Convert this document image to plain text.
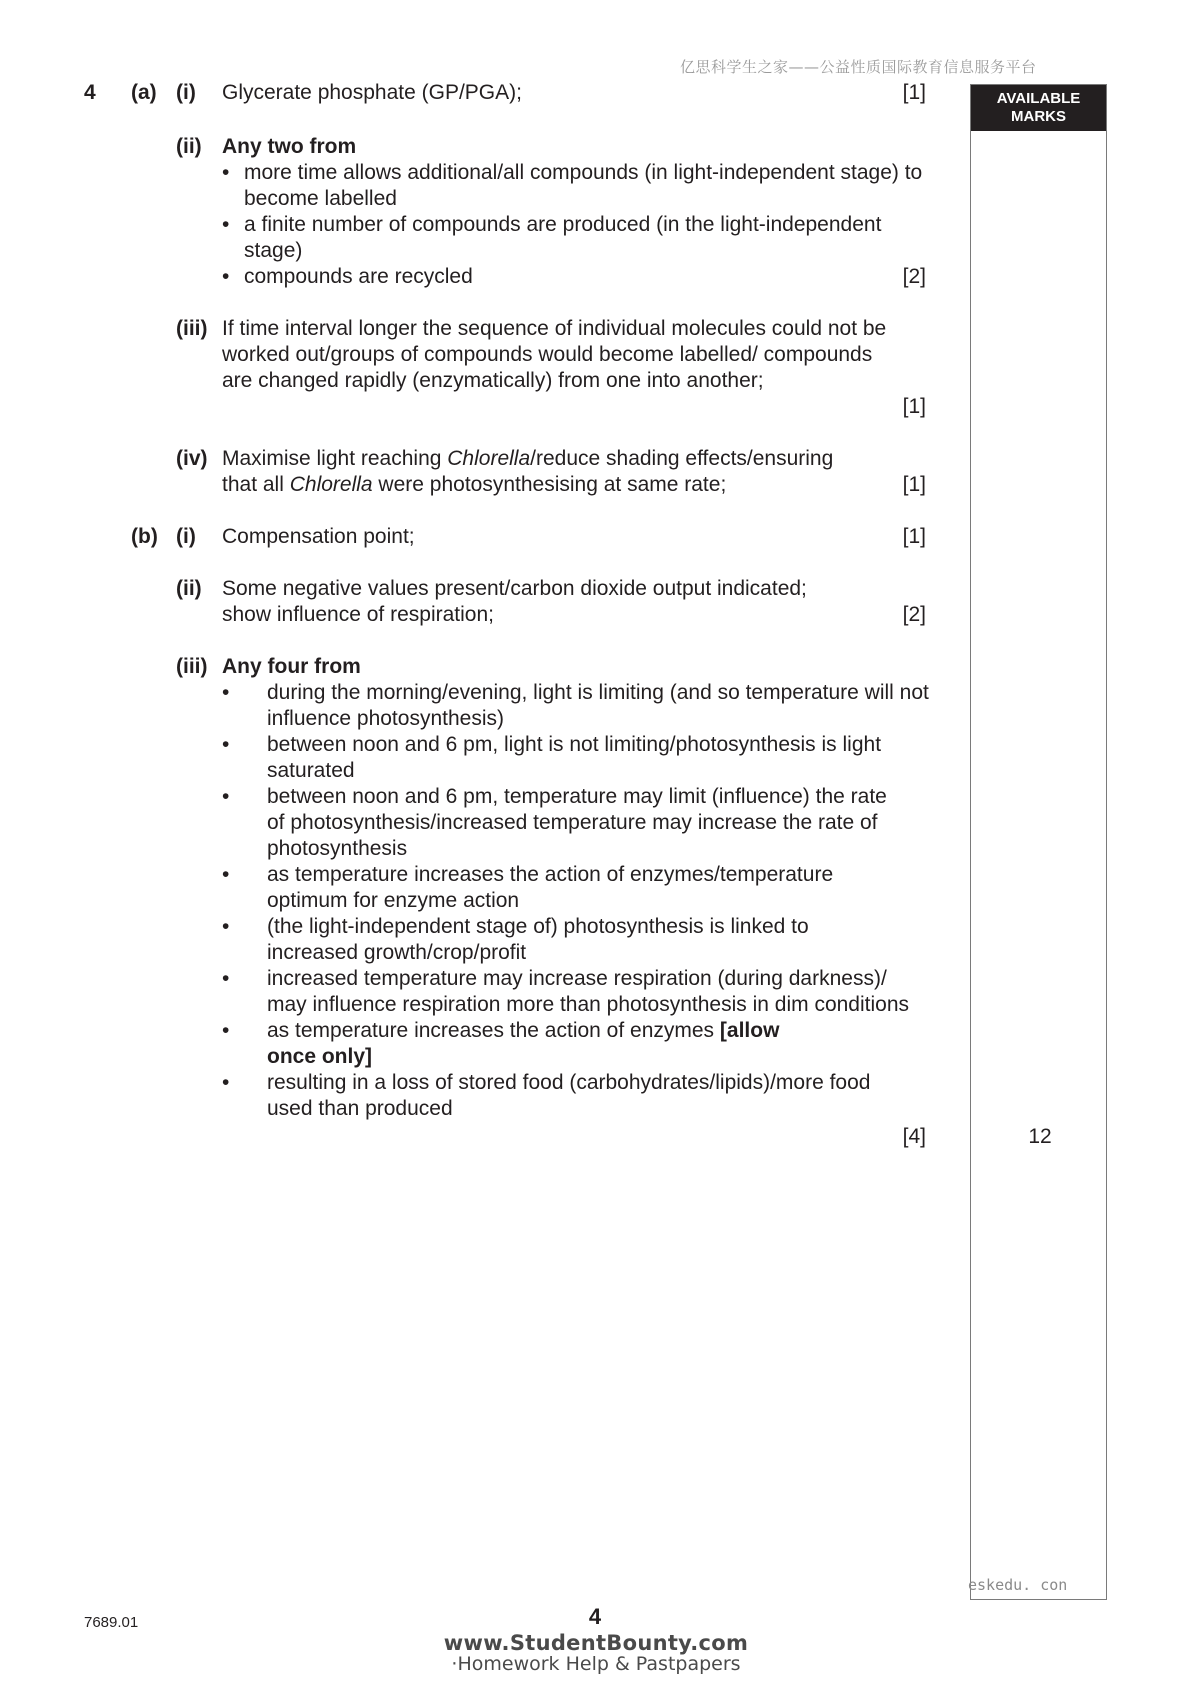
亿思科学生之家——公益性质国际教育信息服务平台
AVAILABLE
MARKS
4 (a) (i) Glycerate phosphate (GP/PGA);	[1]
(ii) Any two from
• more time allows additional/all compounds (in light-independent stage) to become labelled
• a finite number of compounds are produced (in the light-independent stage)
• compounds are recycled	[2]
(iii) If time interval longer the sequence of individual molecules could not be worked out/groups of compounds would become labelled/ compounds are changed rapidly (enzymatically) from one into another;
[1]
(iv) Maximise light reaching Chlorella/reduce shading effects/ensuring
that all Chlorella were photosynthesising at same rate;	[1]
(b) (i) Compensation point;	[1]
(ii) Some negative values present/carbon dioxide output indicated;
show influence of respiration;	[2]
(iii) Any four from
• during the morning/evening, light is limiting (and so temperature will not influence photosynthesis)
• between noon and 6 pm, light is not limiting/photosynthesis is light saturated
• between noon and 6 pm, temperature may limit (influence) the rate of photosynthesis/increased temperature may increase the rate of photosynthesis
• as temperature increases the action of enzymes/temperature optimum for enzyme action
• (the light-independent stage of) photosynthesis is linked to increased growth/crop/profit
• increased temperature may increase respiration (during darkness)/ may influence respiration more than photosynthesis in dim conditions
• as temperature increases the action of enzymes [allow once only]
• resulting in a loss of stored food (carbohydrates/lipids)/more food used than produced
[4]	12
eskedu. con
7689.01	4
www.StudentBounty.com
·Homework Help & Pastpapers
